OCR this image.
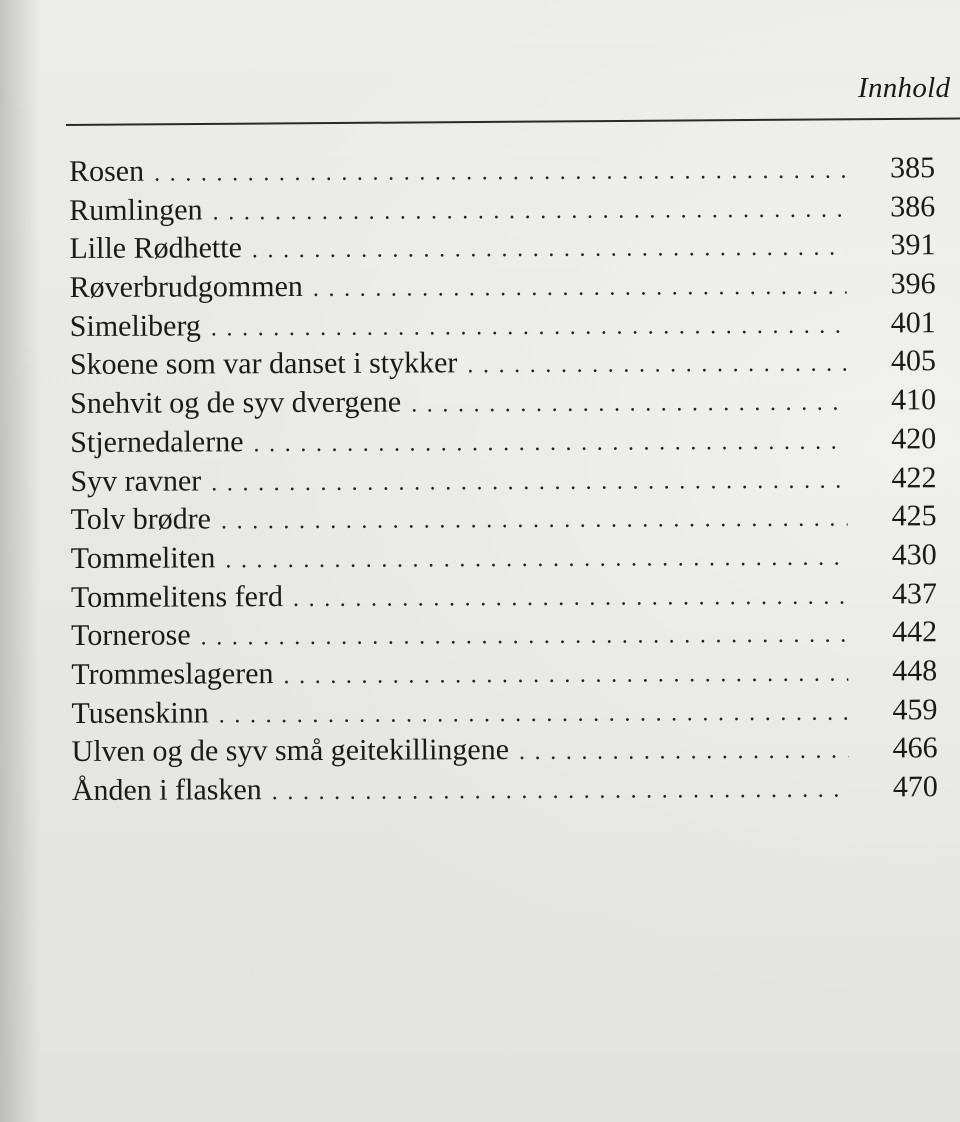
Innhold
Rosen . . .	385
Rumlingen . . .	386
Lille Rødhette . . .	391
Røverbrudgommen . . .	396
Simeliberg . . .	401
Skoene som var danset i stykker . . .	405
Snehvit og de syv dvergene . . .	410
Stjernedalerne . . .	420
Syv ravner . . .	422
Tolv brødre . . .	425
Tommeliten . . .	430
Tommelitens ferd . . .	437
Tornerose . . .	442
Trommeslageren . . .	448
Tusenskinn . . .	459
Ulven og de syv små geitekillingene . . .	466
Ånden i flasken . . .	470
